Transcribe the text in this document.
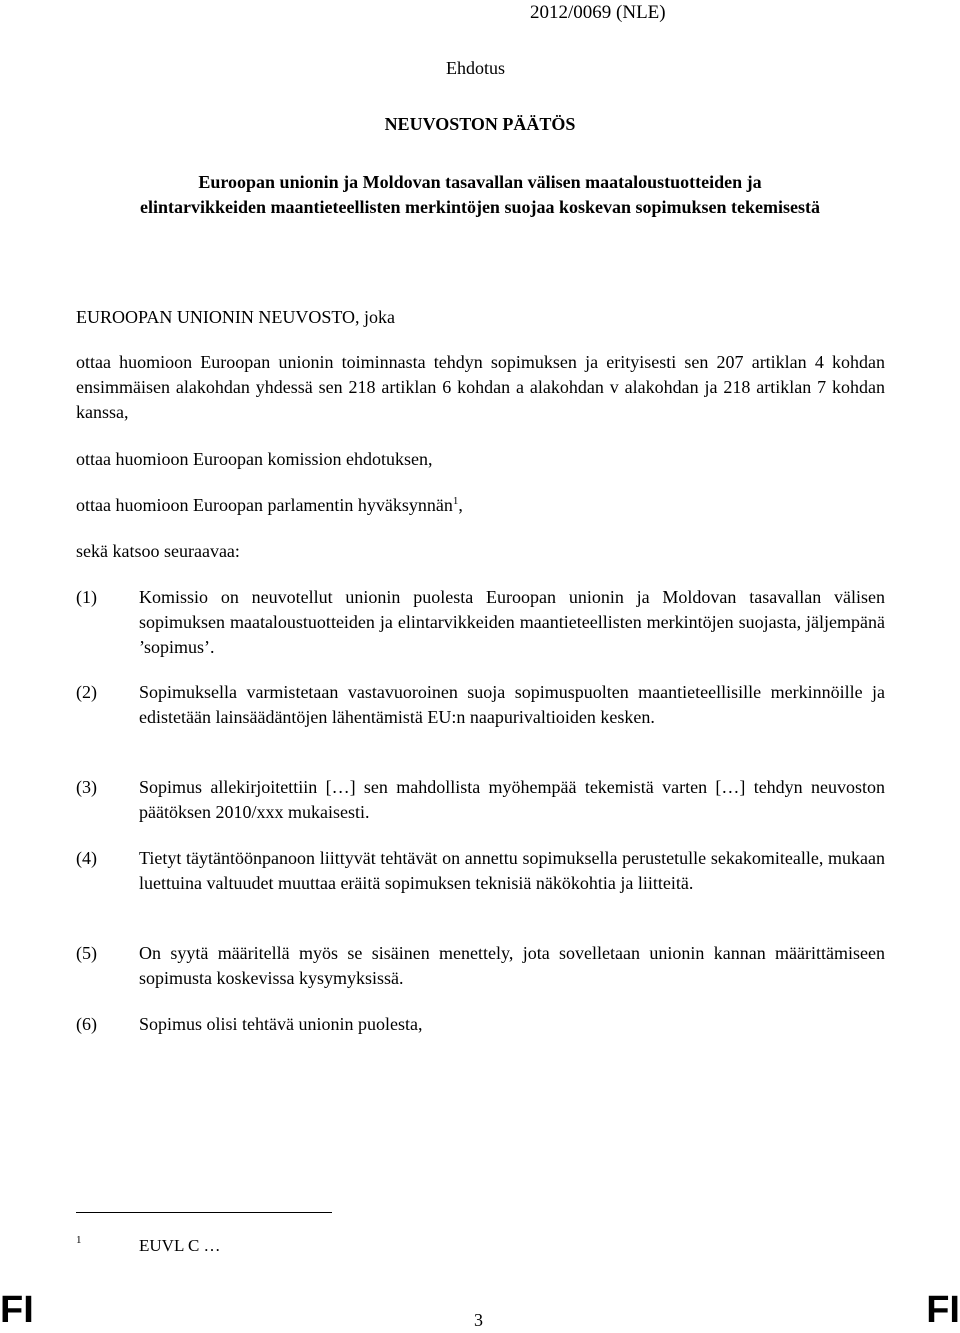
2012/0069 (NLE)
Ehdotus
NEUVOSTON PÄÄTÖS
Euroopan unionin ja Moldovan tasavallan välisen maataloustuotteiden ja
elintarvikkeiden maantieteellisten merkintöjen suojaa koskevan sopimuksen tekemisestä
EUROOPAN UNIONIN NEUVOSTO, joka
ottaa huomioon Euroopan unionin toiminnasta tehdyn sopimuksen ja erityisesti sen 207 artiklan 4 kohdan ensimmäisen alakohdan yhdessä sen 218 artiklan 6 kohdan a alakohdan v alakohdan ja 218 artiklan 7 kohdan kanssa,
ottaa huomioon Euroopan komission ehdotuksen,
ottaa huomioon Euroopan parlamentin hyväksynnän$^1$,
sekä katsoo seuraavaa:
(1) Komissio on neuvotellut unionin puolesta Euroopan unionin ja Moldovan tasavallan välisen sopimuksen maataloustuotteiden ja elintarvikkeiden maantieteellisten merkintöjen suojasta, jäljempänä ’sopimus’.
(2) Sopimuksella varmistetaan vastavuoroinen suoja sopimuspuolten maantieteellisille merkinnöille ja edistetään lainsäädäntöjen lähentämistä EU:n naapurivaltioiden kesken.
(3) Sopimus allekirjoitettiin […] sen mahdollista myöhempää tekemistä varten […] tehdyn neuvoston päätöksen 2010/xxx mukaisesti.
(4) Tietyt täytäntöönpanoon liittyvät tehtävät on annettu sopimuksella perustetulle sekakomitealle, mukaan luettuina valtuudet muuttaa eräitä sopimuksen teknisiä näkökohtia ja liitteitä.
(5) On syytä määritellä myös se sisäinen menettely, jota sovelletaan unionin kannan määrittämiseen sopimusta koskevissa kysymyksissä.
(6) Sopimus olisi tehtävä unionin puolesta,
1	EUVL C …
FI	3	FI
